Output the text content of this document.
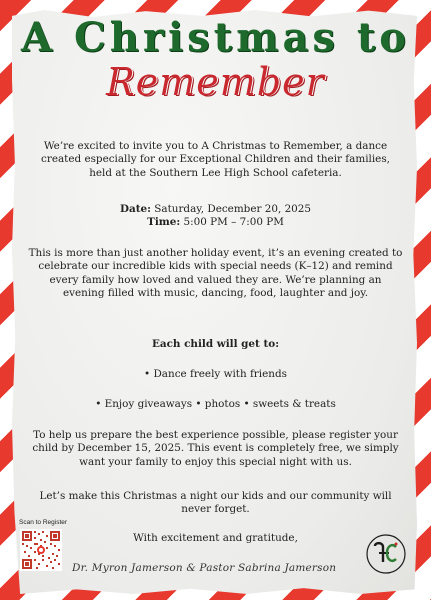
A Christmas to
Remember
We’re excited to invite you to A Christmas to Remember, a dance created especially for our Exceptional Children and their families, held at the Southern Lee High School cafeteria.
Date: Saturday, December 20, 2025
Time: 5:00 PM – 7:00 PM
This is more than just another holiday event, it’s an evening created to celebrate our incredible kids with special needs (K–12) and remind every family how loved and valued they are. We’re planning an evening filled with music, dancing, food, laughter and joy.
Each child will get to:
• Dance freely with friends
• Enjoy giveaways • photos • sweets & treats
To help us prepare the best experience possible, please register your child by December 15, 2025. This event is completely free, we simply want your family to enjoy this special night with us.
Let’s make this Christmas a night our kids and our community will never forget.
With excitement and gratitude,
Scan to Register
Dr. Myron Jamerson & Pastor Sabrina Jamerson
